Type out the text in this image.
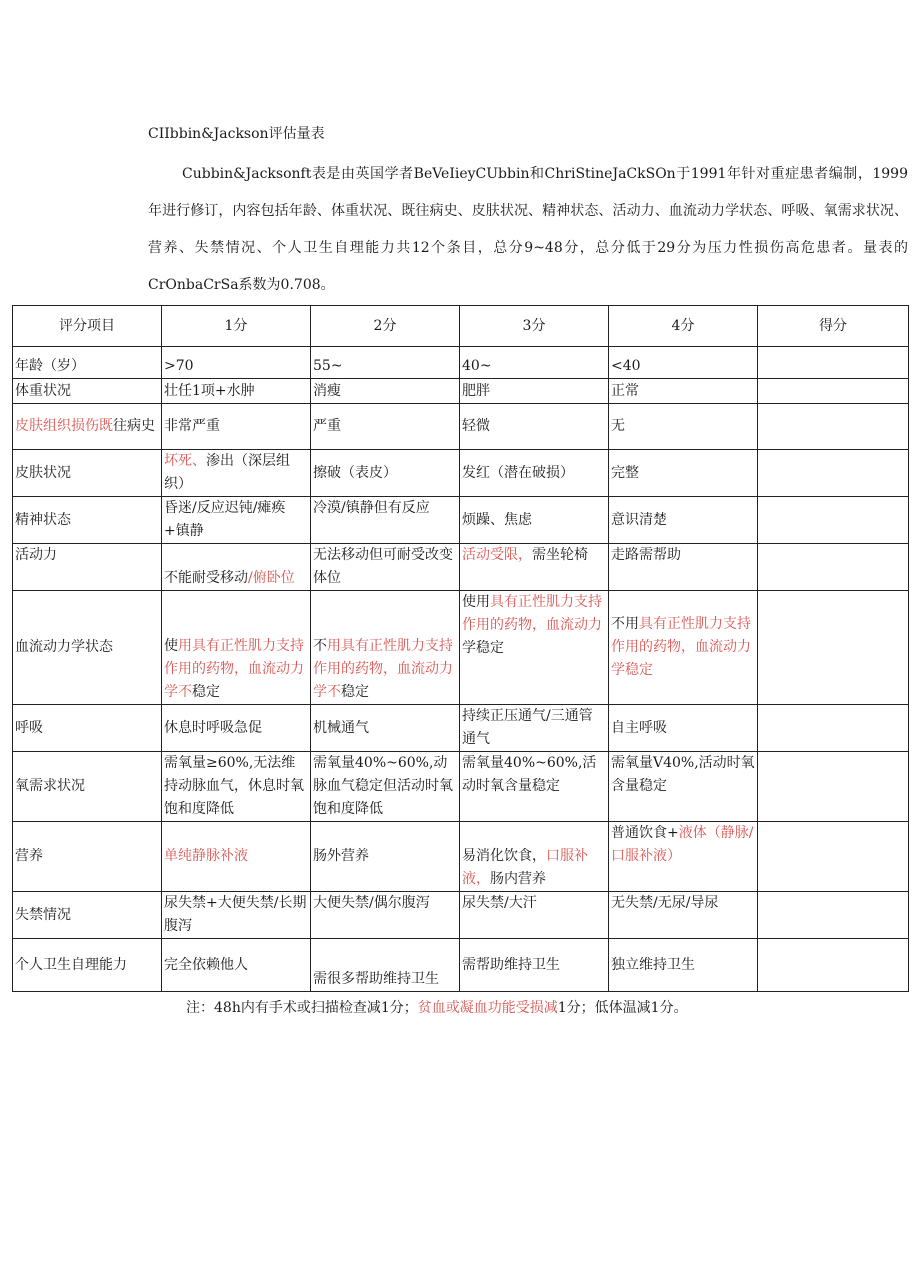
CIIbbin&Jackson评估量表

Cubbin&Jacksonft表是由英国学者BeVeIieyCUbbin和ChriStineJaCkSOn于1991年针对重症患者编制，1999年进行修订，内容包括年龄、体重状况、既往病史、皮肤状况、精神状态、活动力、血流动力学状态、呼吸、氧需求状况、营养、失禁情况、个人卫生自理能力共12个条目，总分9~48分，总分低于29分为压力性损伤高危患者。量表的CrOnbaCrSa系数为0.708。

评分项目	1分	2分	3分	4分	得分
年龄（岁）	>70	55~	40~	<40	
体重状况	壮任1项+水肿	消瘦	肥胖	正常	
皮肤组织损伤既往病史	非常严重	严重	轻微	无	
皮肤状况	坏死、渗出（深层组织）	擦破（表皮）	发红（潜在破损）	完整	
精神状态	昏迷/反应迟钝/瘫痪+镇静	冷漠/镇静但有反应	烦躁、焦虑	意识清楚	
活动力	不能耐受移动/俯卧位	无法移动但可耐受改变体位	活动受限，需坐轮椅	走路需帮助	
血流动力学状态	使用具有正性肌力支持作用的药物，血流动力学不稳定	不用具有正性肌力支持作用的药物，血流动力学不稳定	使用具有正性肌力支持作用的药物，血流动力学稳定	不用具有正性肌力支持作用的药物，血流动力学稳定	
呼吸	休息时呼吸急促	机械通气	持续正压通气/三通管通气	自主呼吸	
氧需求状况	需氧量≥60%,无法维持动脉血气，休息时氧饱和度降低	需氧量40%~60%,动脉血气稳定但活动时氧饱和度降低	需氧量40%~60%,活动时氧含量稳定	需氧量V40%,活动时氧含量稳定	
营养	单纯静脉补液	肠外营养	易消化饮食，口服补液，肠内营养	普通饮食+液体（静脉/口服补液）	
失禁情况	尿失禁+大便失禁/长期腹泻	大便失禁/偶尔腹泻	尿失禁/大汗	无失禁/无尿/导尿	
个人卫生自理能力	完全依赖他人	需很多帮助维持卫生	需帮助维持卫生	独立维持卫生	
注：48h内有手术或扫描检查减1分；贫血或凝血功能受损减1分；低体温减1分。
